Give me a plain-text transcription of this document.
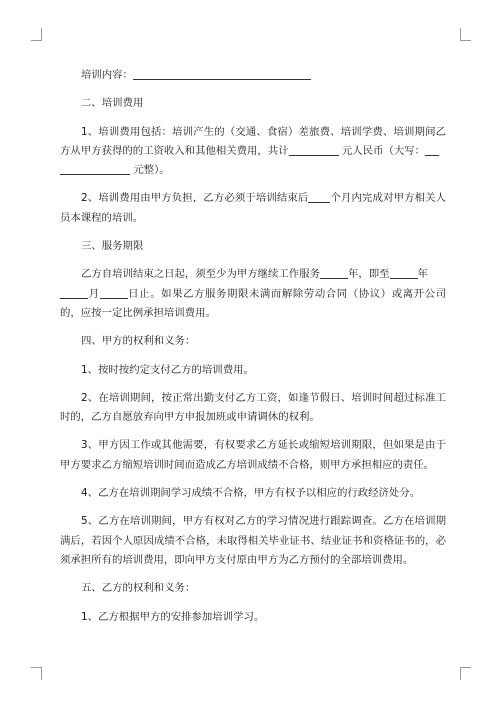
培训内容：

二、培训费用

1、培训费用包括：培训产生的（交通、食宿）差旅费、培训学费、培训期间乙方从甲方获得的的工资收入和其他相关费用，共计	元人民币（大写：
元整）。

2、培训费用由甲方负担，乙方必须于培训结束后 个月内完成对甲方相关人员本课程的培训。

三、服务期限

乙方自培训结束之日起，须至少为甲方继续工作服务	年，即至	年
月	日止。如果乙方服务期限未满而解除劳动合同（协议）或离开公司的，应按一定比例承担培训费用。

四、甲方的权利和义务：

1、按时按约定支付乙方的培训费用。

2、在培训期间，按正常出勤支付乙方工资，如逢节假日、培训时间超过标准工时的，乙方自愿放弃向甲方申报加班或申请调休的权利。

3、甲方因工作或其他需要，有权要求乙方延长或缩短培训期限，但如果是由于甲方要求乙方缩短培训时间而造成乙方培训成绩不合格，则甲方承担相应的责任。

4、乙方在培训期间学习成绩不合格，甲方有权予以相应的行政经济处分。

5、乙方在培训期间，甲方有权对乙方的学习情况进行跟踪调查。乙方在培训期满后，若因个人原因成绩不合格，未取得相关毕业证书、结业证书和资格证书的，必须承担所有的培训费用，即向甲方支付原由甲方为乙方预付的全部培训费用。

五、乙方的权利和义务：

1、乙方根据甲方的安排参加培训学习。
